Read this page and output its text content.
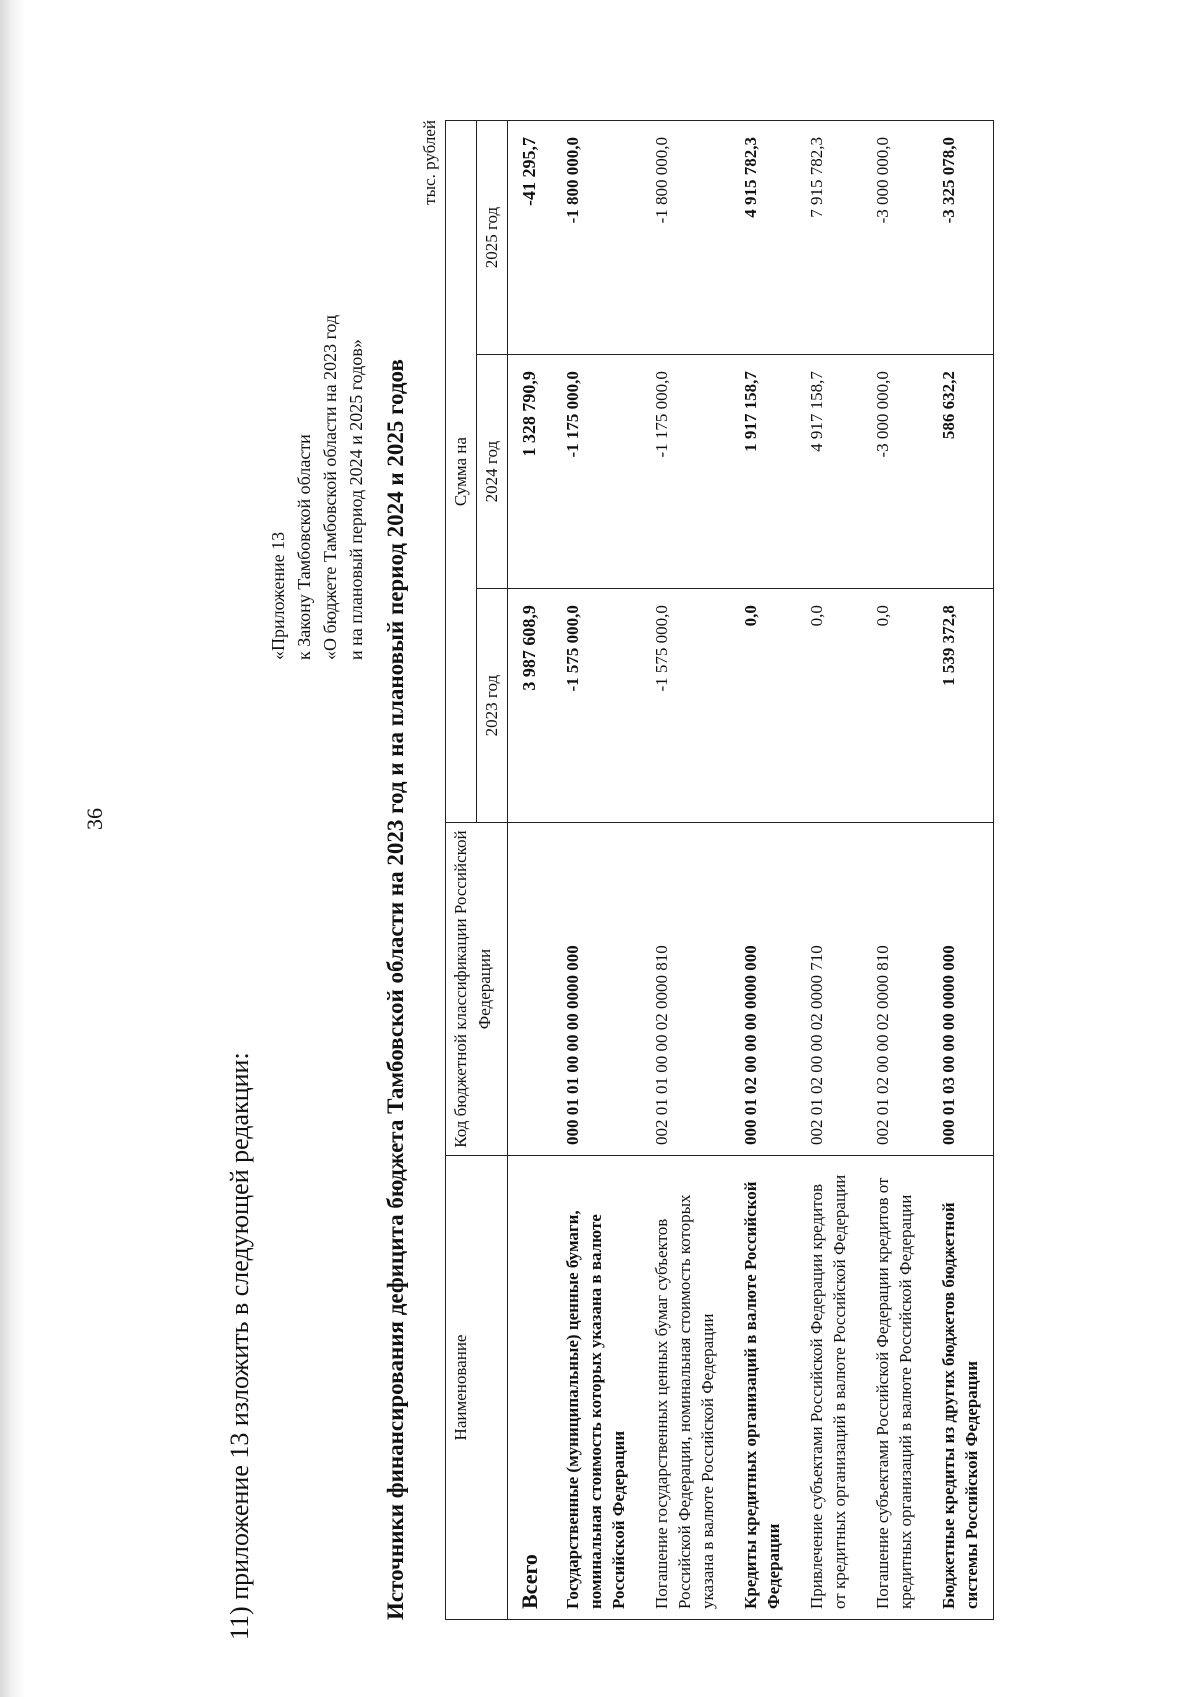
36
11) приложение 13 изложить в следующей редакции:
«Приложение 13 к Закону Тамбовской области «О бюджете Тамбовской области на 2023 год и на плановый период 2024 и 2025 годов» Источники финансирования дефицита бюджета Тамбовской области на 2023 год и на плановый период 2024 и 2025 годов
тыс. рублей
Наименование	Код бюджетной классификации Российской Федерации	Сумма на		
		2023 год	2024 год	2025 год
Всего		3 987 608,9	1 328 790,9	-41 295,7
Государственные (муниципальные) ценные бумаги, номинальная стоимость которых указана в валюте Российской Федерации	000 01 01 00 00 00 0000 000	-1 575 000,0	-1 175 000,0	-1 800 000,0
Погашение государственных ценных бумаг субъектов Российской Федерации, номинальная стоимость которых указана в валюте Российской Федерации	002 01 01 00 00 02 0000 810	-1 575 000,0	-1 175 000,0	-1 800 000,0
Кредиты кредитных организаций в валюте Российской Федерации	000 01 02 00 00 00 0000 000	0,0	1 917 158,7	4 915 782,3
Привлечение субъектами Российской Федерации кредитов от кредитных организаций в валюте Российской Федерации	002 01 02 00 00 02 0000 710	0,0	4 917 158,7	7 915 782,3
Погашение субъектами Российской Федерации кредитов от кредитных организаций в валюте Российской Федерации	002 01 02 00 00 02 0000 810	0,0	-3 000 000,0	-3 000 000,0
Бюджетные кредиты из других бюджетов бюджетной системы Российской Федерации	000 01 03 00 00 00 0000 000	1 539 372,8	586 632,2	-3 325 078,0
